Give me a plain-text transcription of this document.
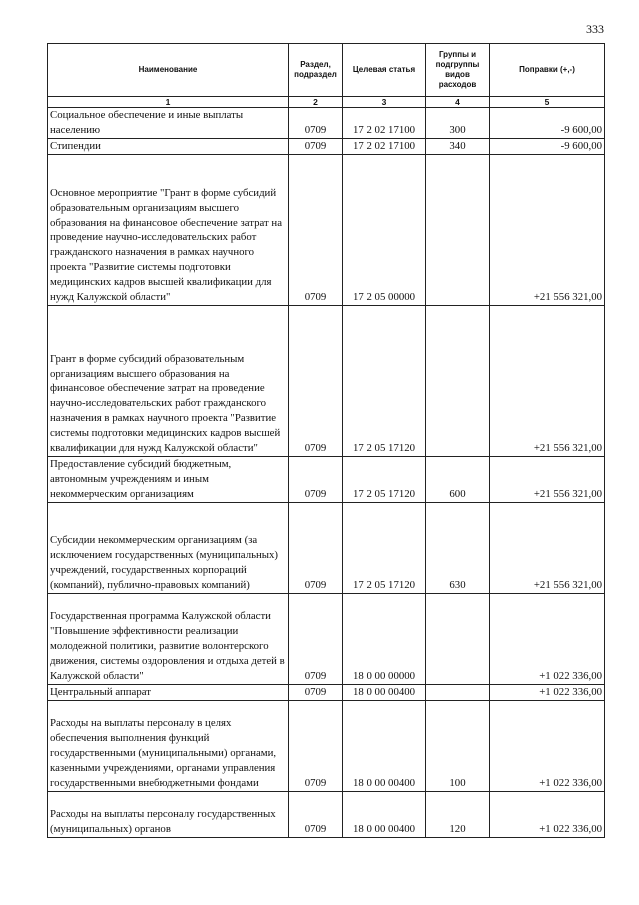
333
Наименование	Раздел, подраздел	Целевая статья	Группы и подгруппы видов расходов	Поправки (+,-)
1	2	3	4	5
Социальное обеспечение и иные выплаты населению	0709	17 2 02 17100	300	-9 600,00
Стипендии	0709	17 2 02 17100	340	-9 600,00
Основное мероприятие "Грант в форме субсидий образовательным организациям высшего образования на финансовое обеспечение затрат на проведение научно-исследовательских работ гражданского назначения в рамках научного проекта "Развитие системы подготовки медицинских кадров высшей квалификации для нужд Калужской области"	0709	17 2 05 00000		+21 556 321,00
Грант в форме субсидий образовательным организациям высшего образования на финансовое обеспечение затрат на проведение научно-исследовательских работ гражданского назначения в рамках научного проекта "Развитие системы подготовки медицинских кадров высшей квалификации для нужд Калужской области"	0709	17 2 05 17120		+21 556 321,00
Предоставление субсидий бюджетным, автономным учреждениям и иным некоммерческим организациям	0709	17 2 05 17120	600	+21 556 321,00
Субсидии некоммерческим организациям (за исключением государственных (муниципальных) учреждений, государственных корпораций (компаний), публично-правовых компаний)	0709	17 2 05 17120	630	+21 556 321,00
Государственная программа Калужской области "Повышение эффективности реализации молодежной политики, развитие волонтерского движения, системы оздоровления и отдыха детей в Калужской области"	0709	18 0 00 00000		+1 022 336,00
Центральный аппарат	0709	18 0 00 00400		+1 022 336,00
Расходы на выплаты персоналу в целях обеспечения выполнения функций государственными (муниципальными) органами, казенными учреждениями, органами управления государственными внебюджетными фондами	0709	18 0 00 00400	100	+1 022 336,00
Расходы на выплаты персоналу государственных (муниципальных) органов	0709	18 0 00 00400	120	+1 022 336,00
